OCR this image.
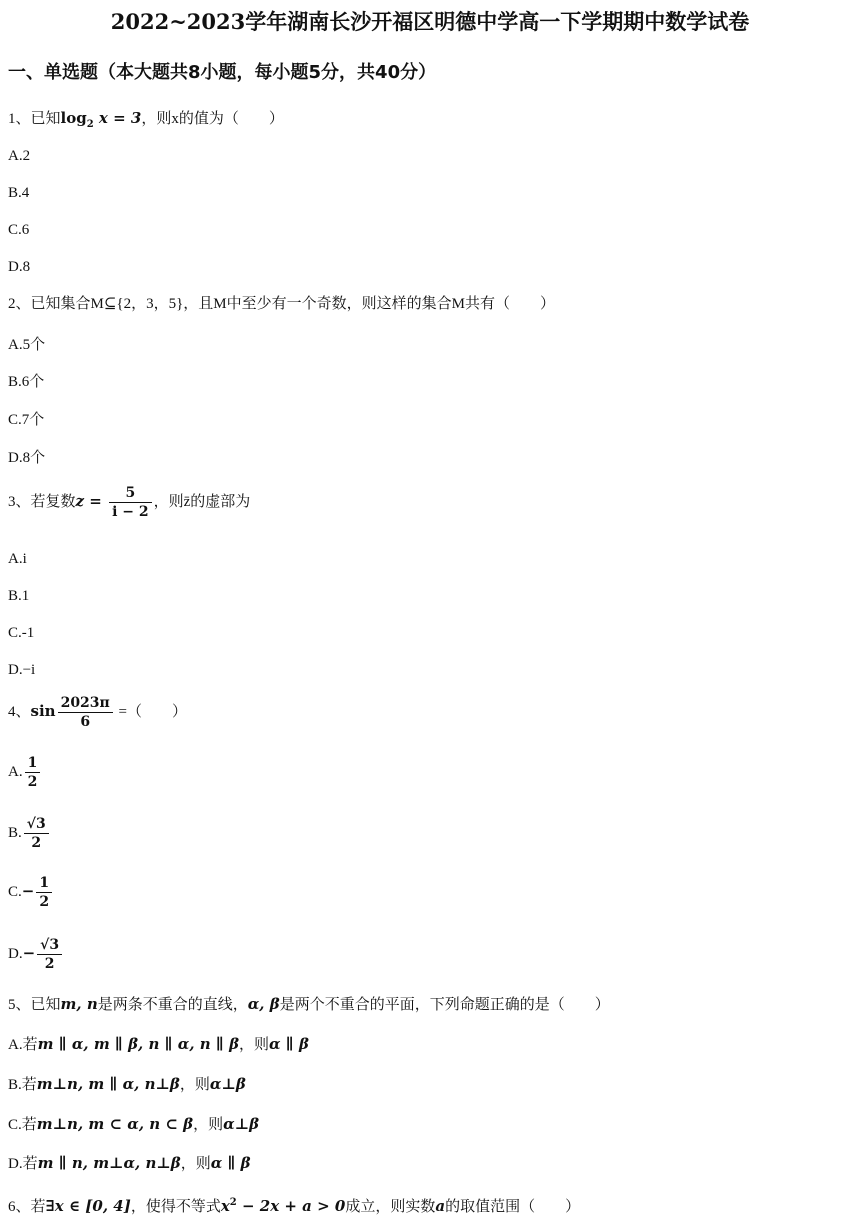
2022~2023学年湖南长沙开福区明德中学高一下学期期中数学试卷
一、单选题（本大题共8小题，每小题5分，共40分）
1、已知$\log_2 x = 3$，则x的值为（　　）
A.2
B.4
C.6
D.8
2、已知集合M⊆{2，3，5}，且M中至少有一个奇数，则这样的集合M共有（　　）
A.5个
B.6个
C.7个
D.8个
3、若复数$z = \frac{5}{i - 2}$ ，则z̄的虚部为
A.i
B.1
C.-1
D.−i
4、$\sin \frac{2023\pi}{6}$ =（　　）
A. $\frac{1}{2}$
B. $\frac{√3}{2}$
$C.- \frac{1}{2}$
$D.- \frac{√3}{2}$
5、已知m, n是两条不重合的直线，α, β是两个不重合的平面，下列命题正确的是（　　）
A.若m ∥ α, m ∥ β, n ∥ α, n ∥ β，则α ∥ β
B.若m⊥n, m ∥ α, n⊥β，则α⊥β
C.若m⊥n, m ⊂ α, n ⊂ β，则α⊥β
D.若m ∥ n, m⊥α, n⊥β，则α ∥ β
6、若∃x ∈ [0, 4]，使得不等式$x^2 - 2x + a > 0$成立，则实数a的取值范围（　　）
